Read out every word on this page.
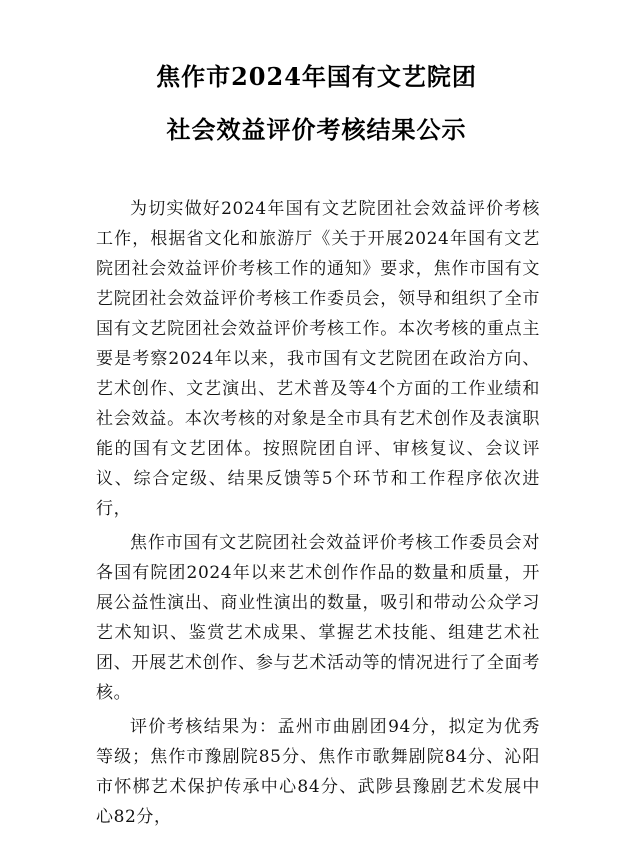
焦作市2024年国有文艺院团
社会效益评价考核结果公示

为切实做好2024年国有文艺院团社会效益评价考核工作，根据省文化和旅游厅《关于开展2024年国有文艺院团社会效益评价考核工作的通知》要求，焦作市国有文艺院团社会效益评价考核工作委员会，领导和组织了全市国有文艺院团社会效益评价考核工作。本次考核的重点主要是考察2024年以来，我市国有文艺院团在政治方向、艺术创作、文艺演出、艺术普及等4个方面的工作业绩和社会效益。本次考核的对象是全市具有艺术创作及表演职能的国有文艺团体。按照院团自评、审核复议、会议评议、综合定级、结果反馈等5个环节和工作程序依次进行，

焦作市国有文艺院团社会效益评价考核工作委员会对各国有院团2024年以来艺术创作作品的数量和质量，开展公益性演出、商业性演出的数量，吸引和带动公众学习艺术知识、鉴赏艺术成果、掌握艺术技能、组建艺术社团、开展艺术创作、参与艺术活动等的情况进行了全面考核。

评价考核结果为：孟州市曲剧团94分，拟定为优秀等级；焦作市豫剧院85分、焦作市歌舞剧院84分、沁阳市怀梆艺术保护传承中心84分、武陟县豫剧艺术发展中心82分，
